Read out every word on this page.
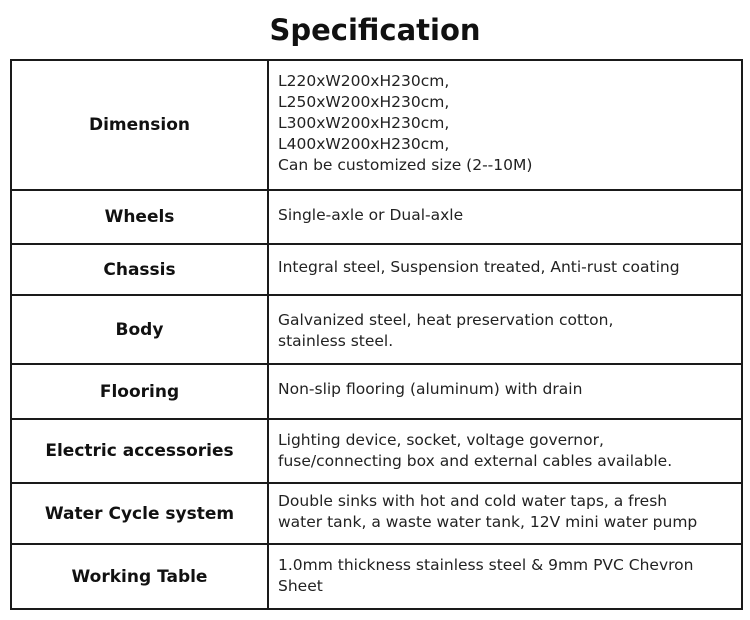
Specification
Dimension	L220xW200xH230cm,
L250xW200xH230cm,
L300xW200xH230cm,
L400xW200xH230cm,
Can be customized size (2--10M)

Wheels	Single-axle or Dual-axle

Chassis	Integral steel, Suspension treated, Anti-rust coating

Body	Galvanized steel, heat preservation cotton,
stainless steel.

Flooring	Non-slip flooring (aluminum) with drain

Electric accessories	Lighting device, socket, voltage governor,
fuse/connecting box and external cables available.

Water Cycle system	Double sinks with hot and cold water taps, a fresh
water tank, a waste water tank, 12V mini water pump

Working Table	1.0mm thickness stainless steel & 9mm PVC Chevron
Sheet
